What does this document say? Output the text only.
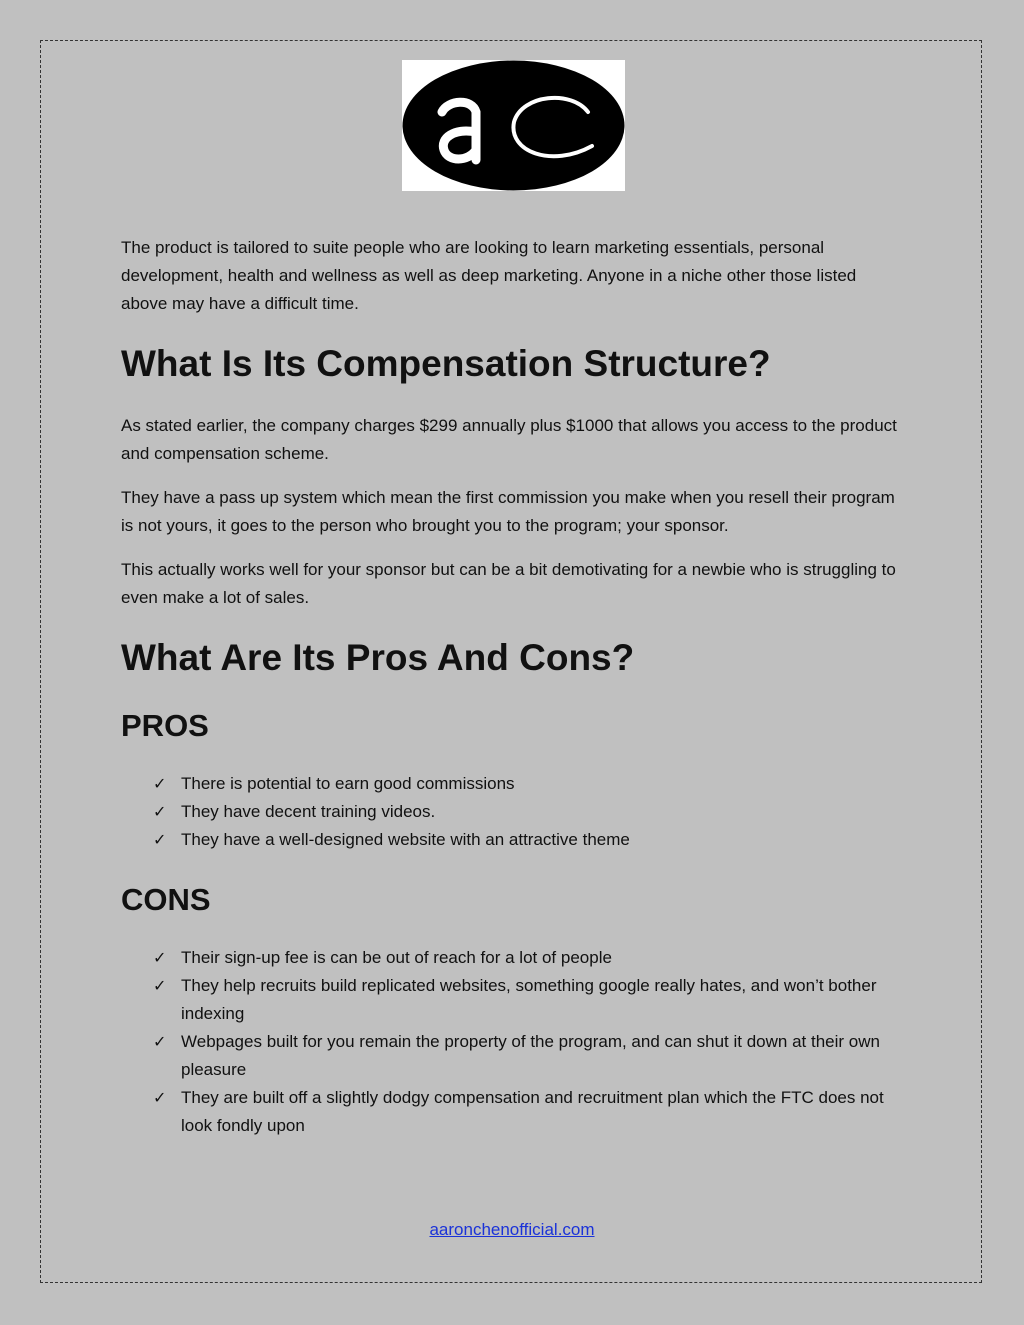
The product is tailored to suite people who are looking to learn marketing essentials, personal development, health and wellness as well as deep marketing. Anyone in a niche other those listed above may have a difficult time.

What Is Its Compensation Structure?

As stated earlier, the company charges $299 annually plus $1000 that allows you access to the product and compensation scheme.

They have a pass up system which mean the first commission you make when you resell their program is not yours, it goes to the person who brought you to the program; your sponsor.

This actually works well for your sponsor but can be a bit demotivating for a newbie who is struggling to even make a lot of sales.

What Are Its Pros And Cons?
PROS
✓ There is potential to earn good commissions
✓ They have decent training videos.
✓ They have a well-designed website with an attractive theme
CONS
✓ Their sign-up fee is can be out of reach for a lot of people
✓ They help recruits build replicated websites, something google really hates, and won’t bother indexing
✓ Webpages built for you remain the property of the program, and can shut it down at their own pleasure
✓ They are built off a slightly dodgy compensation and recruitment plan which the FTC does not look fondly upon
aaronchenofficial.com
